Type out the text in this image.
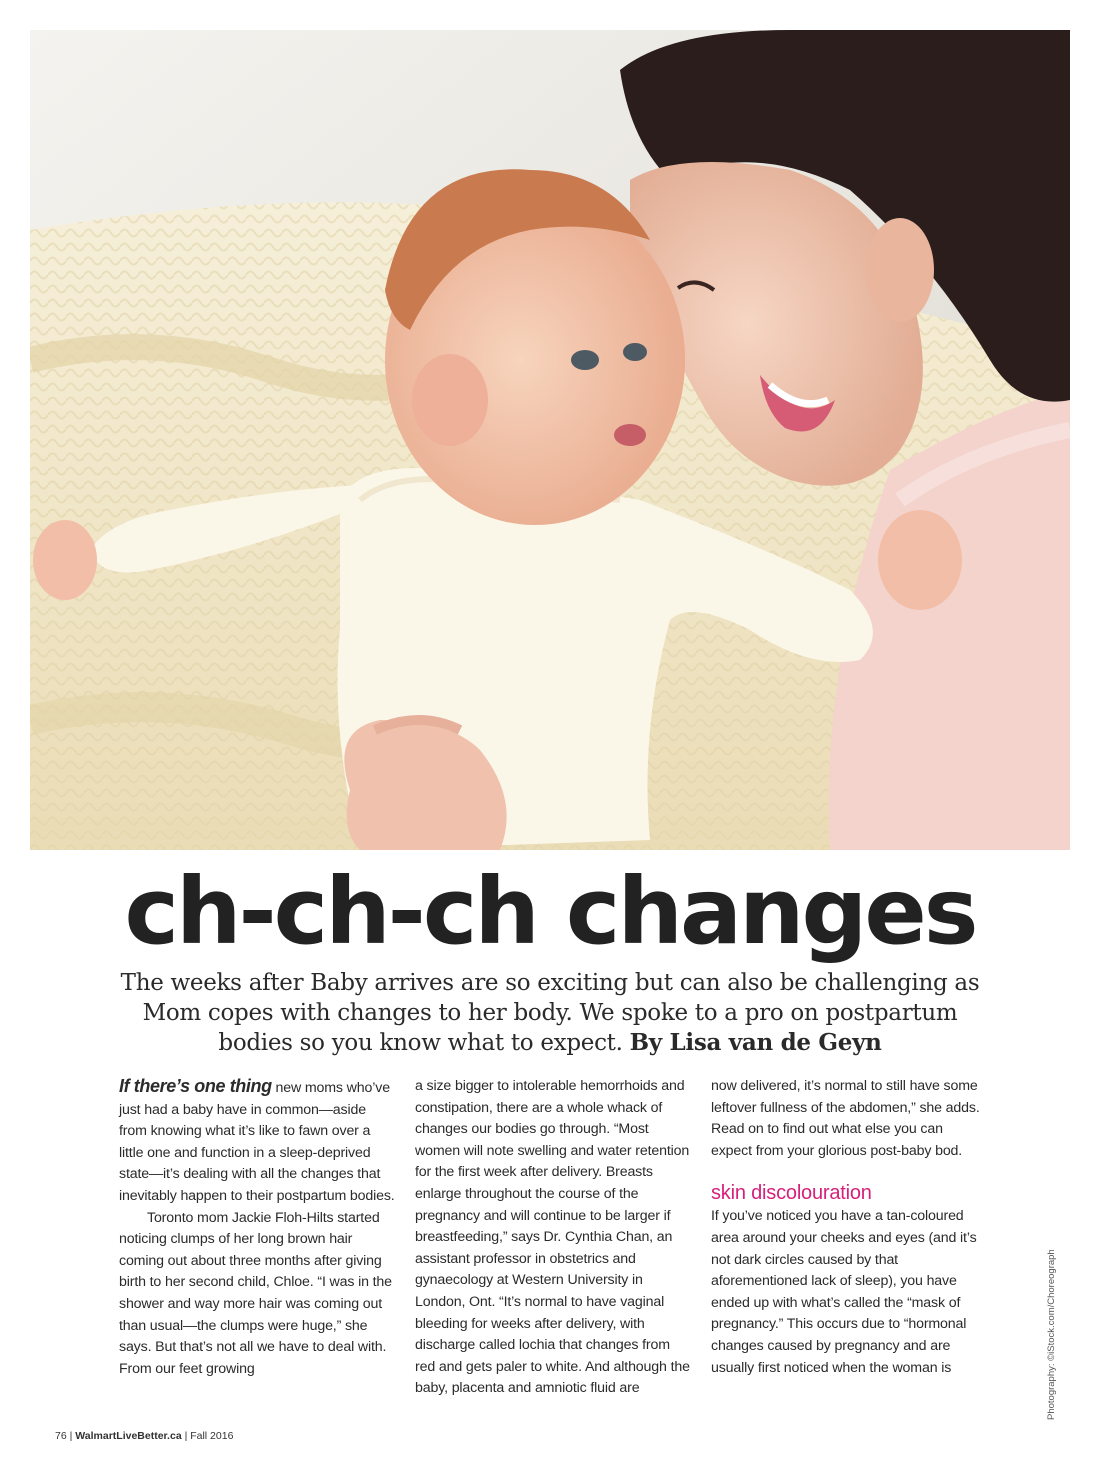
ch-ch-ch changes

The weeks after Baby arrives are so exciting but can also be challenging as Mom copes with changes to her body. We spoke to a pro on postpartum bodies so you know what to expect. By Lisa van de Geyn

If there’s one thing new moms who’ve just had a baby have in common—aside from knowing what it’s like to fawn over a little one and function in a sleep-deprived state—it’s dealing with all the changes that inevitably happen to their postpartum bodies.

Toronto mom Jackie Floh-Hilts started noticing clumps of her long brown hair coming out about three months after giving birth to her second child, Chloe. “I was in the shower and way more hair was coming out than usual—the clumps were huge,” she says. But that’s not all we have to deal with. From our feet growing

a size bigger to intolerable hemorrhoids and constipation, there are a whole whack of changes our bodies go through. “Most women will note swelling and water retention for the first week after delivery. Breasts enlarge throughout the course of the pregnancy and will continue to be larger if breastfeeding,” says Dr. Cynthia Chan, an assistant professor in obstetrics and gynaecology at Western University in London, Ont. “It’s normal to have vaginal bleeding for weeks after delivery, with discharge called lochia that changes from red and gets paler to white. And although the baby, placenta and amniotic fluid are

now delivered, it’s normal to still have some leftover fullness of the abdomen,” she adds. Read on to find out what else you can expect from your glorious post-baby bod.

skin discolouration

If you’ve noticed you have a tan-coloured area around your cheeks and eyes (and it’s not dark circles caused by that aforementioned lack of sleep), you have ended up with what’s called the “mask of pregnancy.” This occurs due to “hormonal changes caused by pregnancy and are usually first noticed when the woman is	Photography: ©iStock.com/Choreograph
76 | WalmartLiveBetter.ca | Fall 2016
